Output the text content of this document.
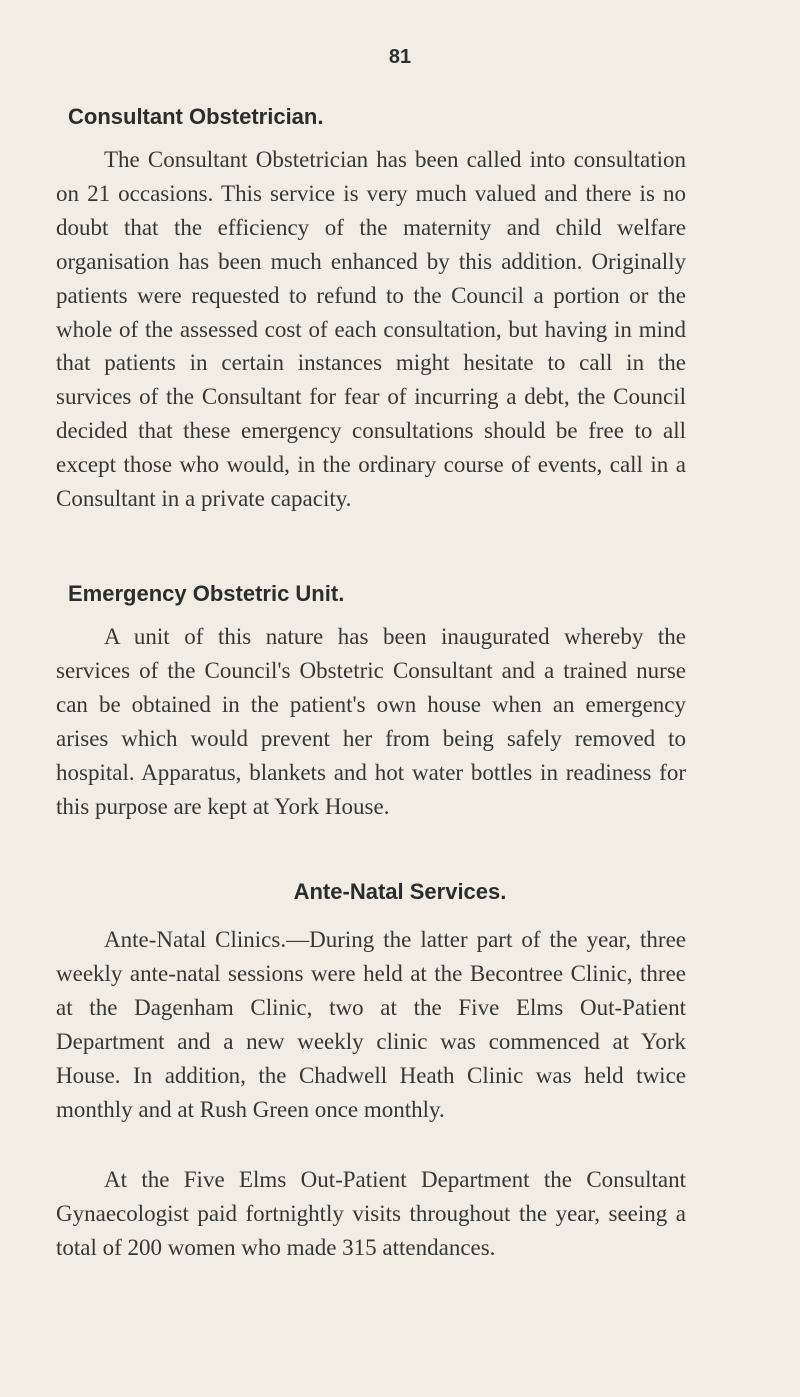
81
Consultant Obstetrician.

The Consultant Obstetrician has been called into consultation on 21 occasions. This service is very much valued and there is no doubt that the efficiency of the maternity and child welfare organisation has been much enhanced by this addition. Originally patients were requested to refund to the Council a portion or the whole of the assessed cost of each consultation, but having in mind that patients in certain instances might hesitate to call in the survices of the Consultant for fear of incurring a debt, the Council decided that these emergency consultations should be free to all except those who would, in the ordinary course of events, call in a Consultant in a private capacity.

Emergency Obstetric Unit.

A unit of this nature has been inaugurated whereby the services of the Council's Obstetric Consultant and a trained nurse can be obtained in the patient's own house when an emergency arises which would prevent her from being safely removed to hospital. Apparatus, blankets and hot water bottles in readiness for this purpose are kept at York House.

Ante-Natal Services.

Ante-Natal Clinics.—During the latter part of the year, three weekly ante-natal sessions were held at the Becontree Clinic, three at the Dagenham Clinic, two at the Five Elms Out-Patient Department and a new weekly clinic was commenced at York House. In addition, the Chadwell Heath Clinic was held twice monthly and at Rush Green once monthly.

At the Five Elms Out-Patient Department the Consultant Gynaecologist paid fortnightly visits throughout the year, seeing a total of 200 women who made 315 attendances.
